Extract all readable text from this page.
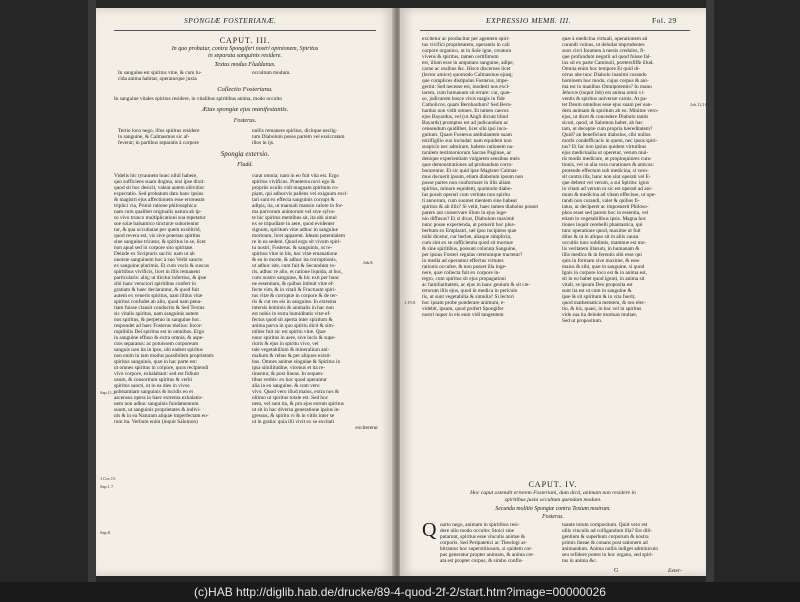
SPONGIÆ FOSTERIANÆ.
CAPUT. III.
In quo probatur, contra Spongiferi nostri opinionem, Spiritus
in separata sanguinis residere.
Textus modus Fluddanus.
In sanguine est spiritus vitæ, & cum lu-
cida anima habitat, operaturque juxta
occultum modum.
Collectio Fosteriana.
In sanguine vitales spiritus residere, in vitalibus spiritibus anima, modo occulto
Ætas spongiæ ejus manifestantis.
Fosterus.
Tertio loco nego, illos spiritus residere
in sanguine, & Calmasmus sic af-
feverat; in partibus separatis à corpore
nullis remanere spiritus, dicitque neclig-
tum Diabolum posse partem vel exsiccatam
illos in ijs.
Spongia extersio.
Fludd.
Videlis hic tyrannem hunc nihil habere,
quo sufficiens suam dogma, nisi ipse dixit:
quod sit hoc desicit, valeat autem ubivitior
expectatio. Sed probatum dato hanc ipsius
& magistri ejus affectionem esse erroneam
triplici via, Primò ratione philosophica:
nam cum qualibet originalis natura ab ip-
so vivo trunco multiplicationi sua repetatur
sue solæ balsamico tincturæ suborientur
tur, & qua occultatae per quem exsilitrid,
quod revera est, vis sive potestas spiritus
sine sanguine tricatur, & spiritus in se, licet
non apud sed in corpore sito spiritate.
Deinde ex Scripturis sacris: nam ut ab
unoiste sanguinem hoc à suo Verbi sancto
ex sanguine plurimis. Et cum vocis & suscus
spiritibus vivificis, licet in illis remanent
particularis: aliq; ut dicitur infertius, & ipse
sibi hanc veraciori spiritibus confert in
gratiam & haec declarantur, & quod fuit
autem ex veneris spiritus, nam illitus vitæ
spiritus confudet ab alio, quod nam penu-
tiam fuisse clausit conductio & Sed Textus
sic vitalis spiritus, nam sanguinis autem
nos spiritus, & perpetuo in sanguine hoc.
respondet ad haec Fosterus melius: Incor-
ruptibilis Dei spiritus est in omnibus. Ergo
in sanguine effuso & extra omnia, & aspe-
ctos separatus: ac potuissem corporeum
sanguis non ita in ipso, ubi eadem spiritus
non enim in tam modus possibilem proprietatis
spiritus sanguinis, quæ in hac parte est:
ut omnes spiritus in corpore, quos recipiendi
vivo corpore, exhalabant: sed est fidium
usum, & consortium spiritus & verbi
spiritus sancti, ut in ea dies in vivos
substantiam sanguinis & lucidis eo et
ascensus opera in haec extrema exhalatio-
nem non adhuc sanguinis fundamentum
suum, ut sanguinis proprietates & indivi-
nis & in ea Naturam aliquæ imperfectam eo-
rum ita. Verbum enim (inquit Salomon)
curat omnia; nam in eo fuit vita est. Ergo
spiritus vivificus. Praeterea novi ego &
propriis oculis vidi magnam spiritum co-
piam, qui adhucvis pallens vel exiguum exci-
tari sunt ex effecta sanguinis corrupt &
adipis, ita, ut manuali mansio calore in for-
ma parvorum animorum vel sive sylva-
te hic spiritus mentibus sit, ita ubi simul
ex se tripudiare in aere, quod evidenter
signum, spiritum vitæ adhuc in sanguine
mortuum, licet apparent. Ideam potentialem
re in ea sedem. Quod ergo sit vivum spiri-
tu nostri, Fosterus. & sanguinis, ut re-
spiritus vitæ in his, hac vitæ emanatione
& ea in morte, & adhuc ita corruptionis,
ut adhuc iste, cum fuit & Secundum ro-
ris, adhuc re alio, et ratione liquida, at hoc,
cum nostro sanguine, & hic exit per hunc
ne essentiam, & quibus imbuit vitæ ef-
fecte vim, & in vitali & Fructuum spiri-
tus vitæ & corruptæ in corpore & de ter-
ris & cut res eis in sanguine. In extrema
intersis hominis & animalis in hac non
est nobis in extra humiditatis vitæ ef-
fectus quod sit aperta inter spiritum &
anima parva in quo spiritu dicit & sim-
niliter fuit sic est spiritu vitæ. Quæ
nunc spiritus in aere, sive lucis & supe-
rioris & ejus in spiritu vivo, vel
tale vegetabilium & mineralium ani-
malium & rebus & per aliquos existi-
bus. Omnes animæ singulae & Spiritus in
ipsa similitudine, vicenus et ita re-
tinentur, & post lineas. In sequen-
tibus verbis: ex hoc quod operantur
alia in eo sanguine. & cum vero
vivo. Quod vero illud maius, extra nos &
ultimo ut spiritus totale est. Sed hoc
nem, vel sunt ita, & pro ejus eorum spiritus
ut sit in hac diversa generatione ipsius in-
gressus, & spiritu vi & in vitiis inter se
ut in gratia: quia illi vivit ex se excitati
exciteretur
Job.8.
Sap.11.2.
1.Cor.15.
Sap.1.7.
Sap.8.
EXPRESSIO MEMB. III.	Fol. 29
excitetur ac producitur per agentem spiri-
tus vivifici proprietatem, operantis in cali
corpore organico, ut in Sole igne, creatura
vivens & spiritus, tamen certifimum
est, illum esse in amputato sanguine, adipe,
carne ac ossibus &c. Hisce discernes licet
(lector amice) quomodo Calmasmus ejusq;
que complices distipulus Fosterus, impe-
gerint: Sed necesse est, modesti nos exci-
tarem, cum humanum sit errare: cur, quæ-
so, judicarem hosce viros magis in fide
Catholicos, quam Bernhardum? Sed Bern-
hardus non vidit omnes. Et tamen caecus
ejus Bayardus, vel (ut Angli dicunt blind
Bayards) promptus est ad judicandum ac
censendum quidlibet, licet sibi ipsi inco-
gnitum. Quare Fosterus ambulantem suam
mirifigilio suo includat: nam equidem non
suspicio nec admirare, habens rationem na-
turalem testimoniorum Sacrae Paginae, ac
denique experientiam vulgarem sensibus meis
quæ demonstrationes ad probandum corro-
borarentur. Et sic quid ipse Magister Calmas-
mus docuerit ipsum, etiam diabolum ipsum non
posse partes non conformare in illis aliam
spiritus, minore equidem, quomodo diabo-
lus possit operari cum veritate non spiritu
ti annorum, cum suomet mentem sine habeat
spiritus & ab illis? Si velit, haec tamen diabolus posset
parere aut conservare illum in ejus inge-
nio diffusus? Et si dicat, Diabolum maximè
nunc posse experienda, ut potuerit hoc plus-
berbum ex Emplastri, uel ipso incipiens quæ
mihi dicetur, cur herbæ, aliaque simplicia,
cum sint ex se sufficientia quod sit mortuæ
& sine spiritibus, possunt colorata Sanguine,
per ipsius Fosteri regulas ceterumque tractetur?
in media ad operantur effectus virtutes
rationis occultæ, & non posset illa inge-
nere, quæ collecta fuit ex corpore in-
tegro, cum spiritus sit ejus propagationi
ac familiaritatem, ac ejus in hanc genium & sit cæ-
terorum illis ejus, quod in medica in periculo
tis, ut sunt vegetabilia & simulia? Si lectori
hoc ipsam probe ponderare animum, e-
videbit, ipsum, quod profert Spongifer
nostri nuper in eis eum vidi tangentem
quæ à medicina virtuali, operationem ad
curandi vulnus, ut deludat imprudentes
suos circi foramen à mesis credulos, fi-
que profundum negotii ad quod fuisse fal-
lax sit ex parte Caminoli, prætersfiffe illud.
Omnia enim hoc tempore Et quid di-
cerus abe tunc Diabolo inanimi curando
hominem hoc modo, cujus corpus & ani-
ma est in manibus Omnipotentis? In manu
Jehovæ (inquit Job) est anima omni vi-
ventis & spiritus universæ carnis. At pa-
tet Deum omnibus esse ejus suam per ean-
dem animam & spiritum ab eo. Minime vero-
ejus, ut dicet & concedere Diabolo tantis
sicuti, quod, ut Salomon habet, ab hac
tam, ut deceptæ cum propria hæreditatem?
Quid? an beneficium diabolus, cibi nullus
morbi condefficacis in quem, nec ipsos spiri-
tus? Et fac non ipsius quidem virtutibus
ejus medicinalia ut operetur, verum mul-
tis modis medicare, ut propinquiores cura-
tionis, vel ut alia vera curationes & amicos:
protende effectum sub medicina, si vero-
sit contra illa, hanc non sint operati vel E-
que debent vel verum, a sui Spiritu: ignis
in vitam ad verum ut sic est operati ad ani-
mum & medicina ad vitam effecisse, ut ope-
randi non curandi, valet & quibus fi-
latus, ut deciperet ac imposuerit Philoso-
phos esset sed parem hoc in essentia, vel
etiam in vegetabilibus ipsis. Magna hoc
tiones inquit cerebelli phantastica, qui
tunc operatione quod, maxime ut fuit
dilus & ut in aliquo sit in aliis causa
occultis tunc sublimis, mammæ est mo-
lis veritatem illarum, in humanam &
illis medica & in ferentis sibi esse qui
quis in formam sive maxime, & esse
maius & sibi, quæ in sanguine, si quod
Ignis in corpore loco est & in anima est,
sit in eo habet quod ignoti, in anima sit
vitali, se ipsum Deo proposita est
sunt ita est ut cum in sanguine &
ipse & sit spiritum & in vita fuerit,
quod mathematica mentem, & seo elec-
tio, & his, quasi, in hac vel in spiritus
vide sua ita deinde mortuas multae,
Sed ut propositum.
CAPUT. IV.
Hoc caput ostendit errorem Fosteriani, dum dicit, animam non residere in
spiritibus juxta occultum quendam modum.
Secunda molitio Spongiæ contra Textum nostrum.
Fosterus.
Q uarto nego, animam in spiritibus resi-
dere ullo modo occulto: Stoici sine
putarunt, spiritus esse vinculis animæ &
corporis. Sed Peripatetici ac Theologi ar-
bitrantur hoc superstitiosum, si quidem cor-
pus generatur propter animam, & anima cre-
ata est propter corpus, & simbo conflu-
tuante totum compositum. Quid vero est
ullis vinculis ad colligandum illa? Est dili-
gentium & superbum corporum & nostra
primis lineae & conans post rationem ad
animandum. Anima nullis indiget adminiculo
seu refidere potest in hoc organo, sed spiri-
tus in anima &c.
G	Exter-
Job.12.10.
1.19.8.
(c)HAB http://diglib.hab.de/drucke/89-4-quod-2f-2/start.htm?image=00000026
